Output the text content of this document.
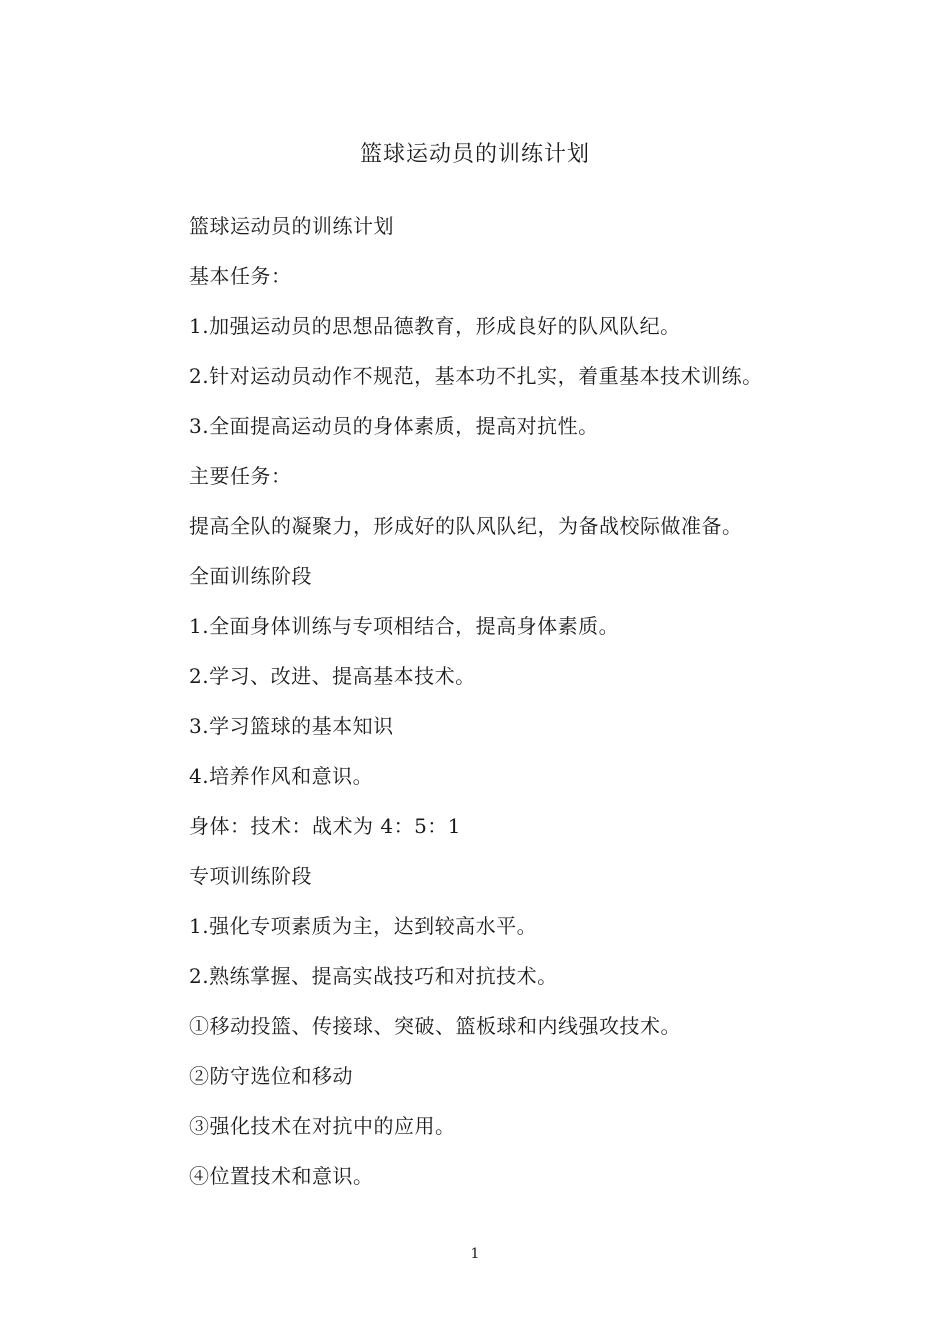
篮球运动员的训练计划
篮球运动员的训练计划
基本任务：
1.加强运动员的思想品德教育，形成良好的队风队纪。
2.针对运动员动作不规范，基本功不扎实，着重基本技术训练。
3.全面提高运动员的身体素质，提高对抗性。
主要任务：
提高全队的凝聚力，形成好的队风队纪，为备战校际做准备。
全面训练阶段
1.全面身体训练与专项相结合，提高身体素质。
2.学习、改进、提高基本技术。
3.学习篮球的基本知识
4.培养作风和意识。
身体：技术：战术为 4：5：1
专项训练阶段
1.强化专项素质为主，达到较高水平。
2.熟练掌握、提高实战技巧和对抗技术。
①移动投篮、传接球、突破、篮板球和内线强攻技术。
②防守选位和移动
③强化技术在对抗中的应用。
④位置技术和意识。
1
